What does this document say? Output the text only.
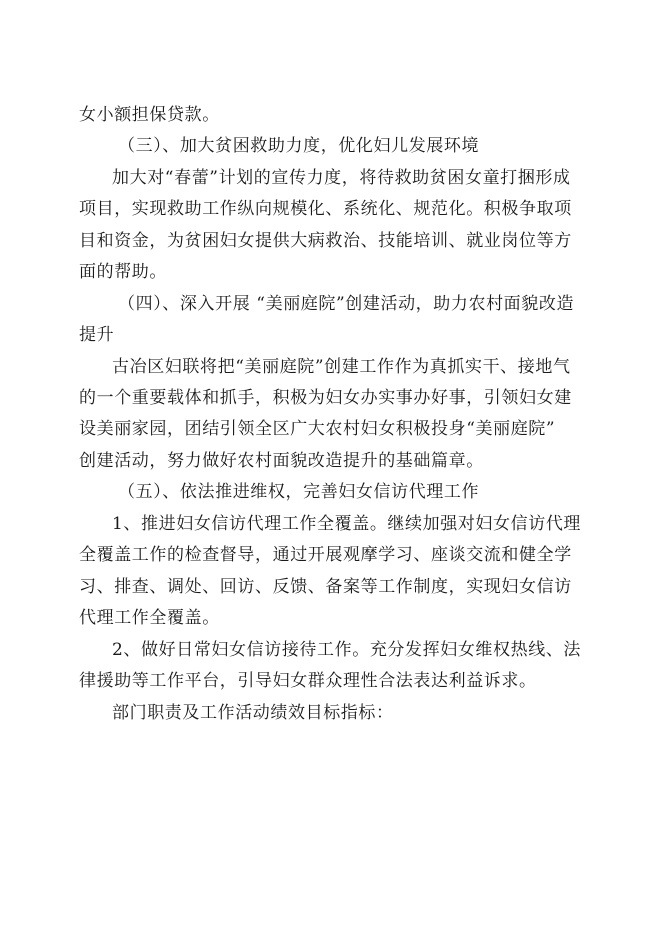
女小额担保贷款。
（三）、加大贫困救助力度，优化妇儿发展环境
加大对“春蕾”计划的宣传力度，将待救助贫困女童打捆形成
项目，实现救助工作纵向规模化、系统化、规范化。积极争取项
目和资金，为贫困妇女提供大病救治、技能培训、就业岗位等方
面的帮助。
（四）、深入开展 “美丽庭院”创建活动，助力农村面貌改造
提升
古冶区妇联将把“美丽庭院”创建工作作为真抓实干、接地气
的一个重要载体和抓手，积极为妇女办实事办好事，引领妇女建
设美丽家园，团结引领全区广大农村妇女积极投身“美丽庭院”
创建活动，努力做好农村面貌改造提升的基础篇章。
（五）、依法推进维权，完善妇女信访代理工作
1、推进妇女信访代理工作全覆盖。继续加强对妇女信访代理
全覆盖工作的检查督导，通过开展观摩学习、座谈交流和健全学
习、排查、调处、回访、反馈、备案等工作制度，实现妇女信访
代理工作全覆盖。
2、做好日常妇女信访接待工作。充分发挥妇女维权热线、法
律援助等工作平台，引导妇女群众理性合法表达利益诉求。
部门职责及工作活动绩效目标指标：
